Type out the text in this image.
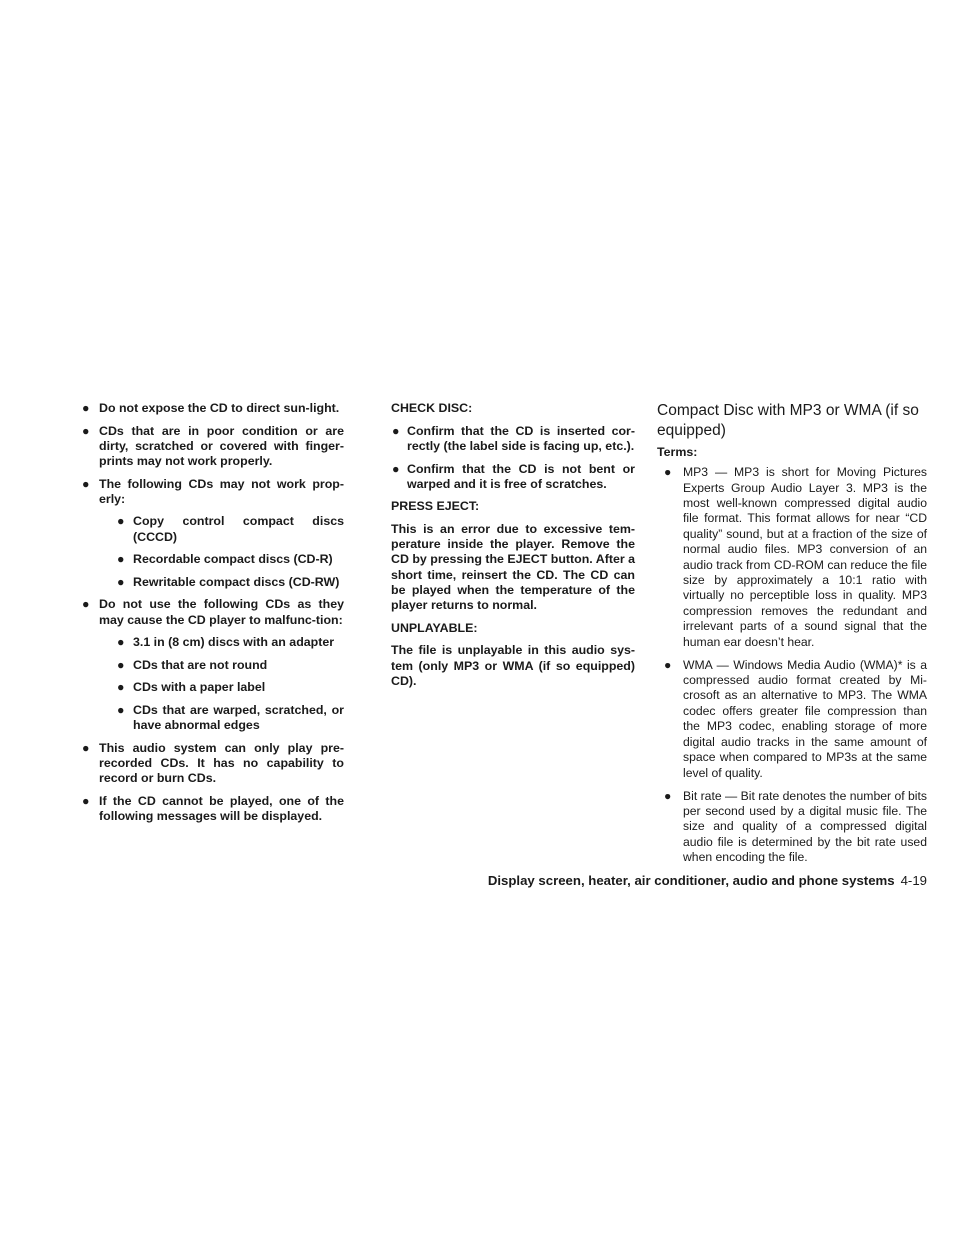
● Do not expose the CD to direct sun-light.
● CDs that are in poor condition or are dirty, scratched or covered with finger-prints may not work properly.
● The following CDs may not work prop-erly:
● Copy control compact discs (CCCD)
● Recordable compact discs (CD-R)
● Rewritable compact discs (CD-RW)
● Do not use the following CDs as they may cause the CD player to malfunc-tion:
● 3.1 in (8 cm) discs with an adapter
● CDs that are not round
● CDs with a paper label
● CDs that are warped, scratched, or have abnormal edges
● This audio system can only play pre-recorded CDs. It has no capability to record or burn CDs.
● If the CD cannot be played, one of the following messages will be displayed.
CHECK DISC:
● Confirm that the CD is inserted cor-rectly (the label side is facing up, etc.).
● Confirm that the CD is not bent or warped and it is free of scratches.
PRESS EJECT:
This is an error due to excessive tem-perature inside the player. Remove the CD by pressing the EJECT button. After a short time, reinsert the CD. The CD can be played when the temperature of the player returns to normal.
UNPLAYABLE:
The file is unplayable in this audio sys-tem (only MP3 or WMA (if so equipped) CD).
Compact Disc with MP3 or WMA (if so equipped)
Terms:
● MP3 — MP3 is short for Moving Pictures Experts Group Audio Layer 3. MP3 is the most well-known compressed digital audio file format. This format allows for near “CD quality” sound, but at a fraction of the size of normal audio files. MP3 conversion of an audio track from CD-ROM can reduce the file size by approximately a 10:1 ratio with virtually no perceptible loss in quality. MP3 compression removes the redundant and irrelevant parts of a sound signal that the human ear doesn’t hear.
● WMA — Windows Media Audio (WMA)* is a compressed audio format created by Mi-crosoft as an alternative to MP3. The WMA codec offers greater file compression than the MP3 codec, enabling storage of more digital audio tracks in the same amount of space when compared to MP3s at the same level of quality.
● Bit rate — Bit rate denotes the number of bits per second used by a digital music file. The size and quality of a compressed digital audio file is determined by the bit rate used when encoding the file.
Display screen, heater, air conditioner, audio and phone systems 4-19
